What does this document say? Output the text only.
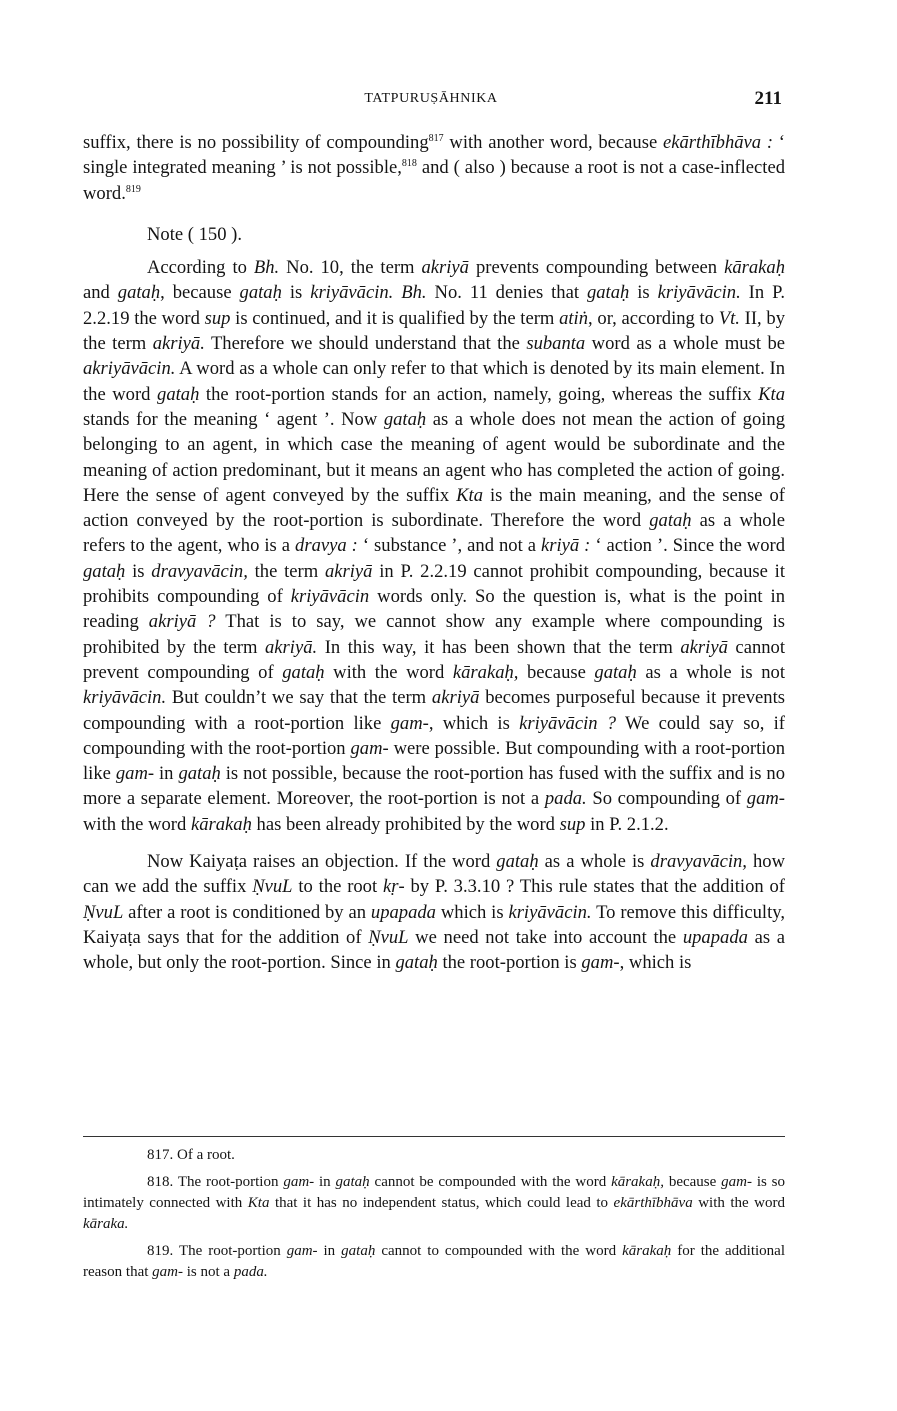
TATPURUṢĀHNIKA	211

suffix, there is no possibility of compounding$^{817}$ with another word, because ekārthībhāva : ‘ single integrated meaning ’ is not possible,$^{818}$ and ( also ) because a root is not a case-inflected word.$^{819}$

Note ( 150 ).

According to Bh. No. 10, the term akriyā prevents compounding between kārakaḥ and gataḥ, because gataḥ is kriyāvācin. Bh. No. 11 denies that gataḥ is kriyāvācin. In P. 2.2.19 the word sup is continued, and it is qualified by the term atiṅ, or, according to Vt. II, by the term akriyā. Therefore we should understand that the subanta word as a whole must be akriyāvācin. A word as a whole can only refer to that which is denoted by its main element. In the word gataḥ the root-portion stands for an action, namely, going, whereas the suffix Kta stands for the meaning ‘ agent ’. Now gataḥ as a whole does not mean the action of going belonging to an agent, in which case the meaning of agent would be subordinate and the meaning of action predominant, but it means an agent who has completed the action of going. Here the sense of agent conveyed by the suffix Kta is the main meaning, and the sense of action conveyed by the root-portion is subordinate. Therefore the word gataḥ as a whole refers to the agent, who is a dravya : ‘ substance ’, and not a kriyā : ‘ action ’. Since the word gataḥ is dravyavācin, the term akriyā in P. 2.2.19 cannot prohibit compounding, because it prohibits compounding of kriyāvācin words only. So the question is, what is the point in reading akriyā ? That is to say, we cannot show any example where compounding is prohibited by the term akriyā. In this way, it has been shown that the term akriyā cannot prevent compounding of gataḥ with the word kārakaḥ, because gataḥ as a whole is not kriyāvācin. But couldn’t we say that the term akriyā becomes purposeful because it prevents compounding with a root-portion like gam-, which is kriyāvācin ? We could say so, if compounding with the root-portion gam- were possible. But compounding with a root-portion like gam- in gataḥ is not possible, because the root-portion has fused with the suffix and is no more a separate element. Moreover, the root-portion is not a pada. So compounding of gam- with the word kārakaḥ has been already prohibited by the word sup in P. 2.1.2.

Now Kaiyaṭa raises an objection. If the word gataḥ as a whole is dravyavācin, how can we add the suffix ṆvuL to the root kṛ- by P. 3.3.10 ? This rule states that the addition of ṆvuL after a root is conditioned by an upapada which is kriyāvācin. To remove this difficulty, Kaiyaṭa says that for the addition of ṆvuL we need not take into account the upapada as a whole, but only the root-portion. Since in gataḥ the root-portion is gam-, which is

817. Of a root.

818. The root-portion gam- in gataḥ cannot be compounded with the word kārakaḥ, because gam- is so intimately connected with Kta that it has no independent status, which could lead to ekārthībhāva with the word kāraka.

819. The root-portion gam- in gataḥ cannot to compounded with the word kārakaḥ for the additional reason that gam- is not a pada.
